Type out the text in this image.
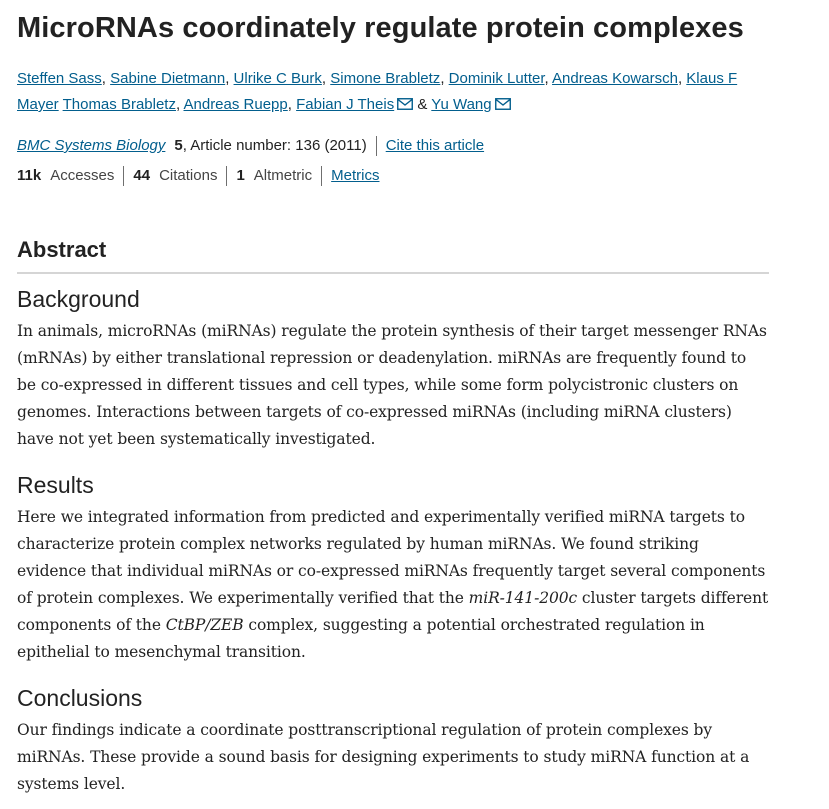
MicroRNAs coordinately regulate protein complexes
Steffen Sass, Sabine Dietmann, Ulrike C Burk, Simone Brabletz, Dominik Lutter, Andreas Kowarsch, Klaus F Mayer Thomas Brabletz, Andreas Ruepp, Fabian J Theis & Yu Wang
BMC Systems Biology 5 , Article number: 136 (2011) Cite this article
11k Accesses 44 Citations 1 Altmetric Metrics
Abstract
Background

In animals, microRNAs (miRNAs) regulate the protein synthesis of their target messenger RNAs (mRNAs) by either translational repression or deadenylation. miRNAs are frequently found to be co-expressed in different tissues and cell types, while some form polycistronic clusters on genomes. Interactions between targets of co-expressed miRNAs (including miRNA clusters) have not yet been systematically investigated.

Results

Here we integrated information from predicted and experimentally verified miRNA targets to characterize protein complex networks regulated by human miRNAs. We found striking evidence that individual miRNAs or co-expressed miRNAs frequently target several components of protein complexes. We experimentally verified that the miR-141-200c cluster targets different components of the CtBP/ZEB complex, suggesting a potential orchestrated regulation in epithelial to mesenchymal transition.

Conclusions

Our findings indicate a coordinate posttranscriptional regulation of protein complexes by miRNAs. These provide a sound basis for designing experiments to study miRNA function at a systems level.
